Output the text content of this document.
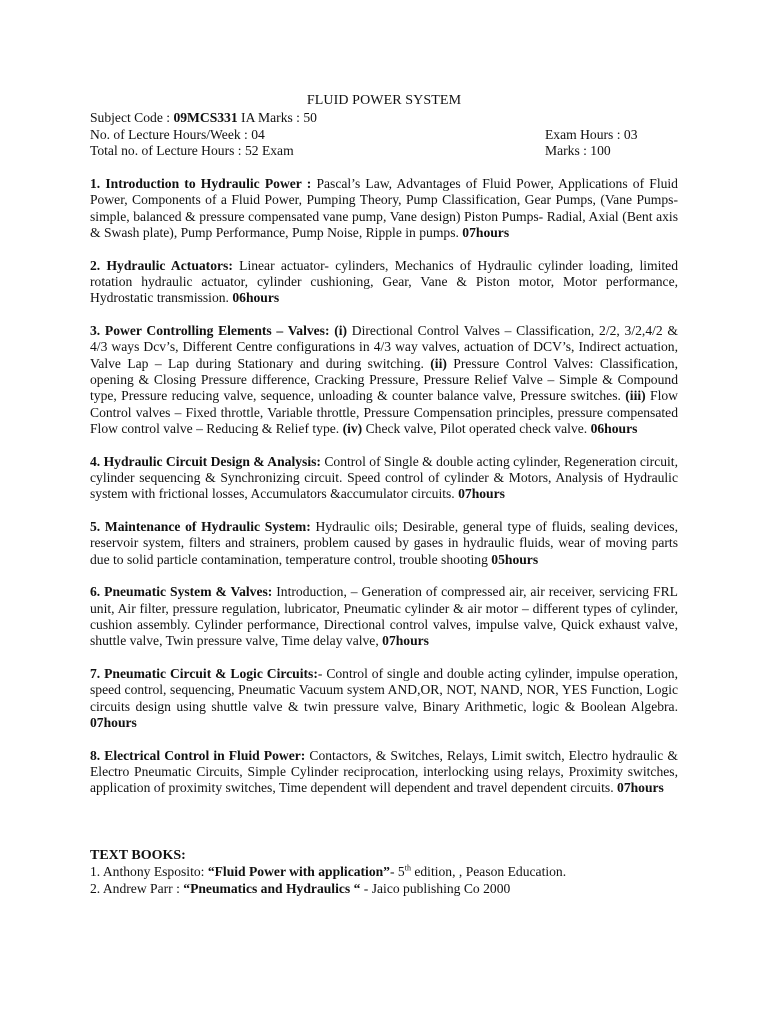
FLUID POWER SYSTEM
Subject Code : 09MCS331 IA Marks : 50
No. of Lecture Hours/Week : 04	Exam Hours : 03
Total no. of Lecture Hours : 52 Exam	Marks : 100
1. Introduction to Hydraulic Power : Pascal’s Law, Advantages of Fluid Power, Applications of Fluid Power, Components of a Fluid Power, Pumping Theory, Pump Classification, Gear Pumps, (Vane Pumps-simple, balanced & pressure compensated vane pump, Vane design) Piston Pumps- Radial, Axial (Bent axis & Swash plate), Pump Performance, Pump Noise, Ripple in pumps. 07hours
2. Hydraulic Actuators: Linear actuator- cylinders, Mechanics of Hydraulic cylinder loading, limited rotation hydraulic actuator, cylinder cushioning, Gear, Vane & Piston motor, Motor performance, Hydrostatic transmission. 06hours
3. Power Controlling Elements – Valves: (i) Directional Control Valves – Classification, 2/2, 3/2,4/2 & 4/3 ways Dcv’s, Different Centre configurations in 4/3 way valves, actuation of DCV’s, Indirect actuation, Valve Lap – Lap during Stationary and during switching. (ii) Pressure Control Valves: Classification, opening & Closing Pressure difference, Cracking Pressure, Pressure Relief Valve – Simple & Compound type, Pressure reducing valve, sequence, unloading & counter balance valve, Pressure switches. (iii) Flow Control valves – Fixed throttle, Variable throttle, Pressure Compensation principles, pressure compensated Flow control valve – Reducing & Relief type. (iv) Check valve, Pilot operated check valve. 06hours
4. Hydraulic Circuit Design & Analysis: Control of Single & double acting cylinder, Regeneration circuit, cylinder sequencing & Synchronizing circuit. Speed control of cylinder & Motors, Analysis of Hydraulic system with frictional losses, Accumulators &accumulator circuits. 07hours
5. Maintenance of Hydraulic System: Hydraulic oils; Desirable, general type of fluids, sealing devices, reservoir system, filters and strainers, problem caused by gases in hydraulic fluids, wear of moving parts due to solid particle contamination, temperature control, trouble shooting 05hours
6. Pneumatic System & Valves: Introduction, – Generation of compressed air, air receiver, servicing FRL unit, Air filter, pressure regulation, lubricator, Pneumatic cylinder & air motor – different types of cylinder, cushion assembly. Cylinder performance, Directional control valves, impulse valve, Quick exhaust valve, shuttle valve, Twin pressure valve, Time delay valve, 07hours
7. Pneumatic Circuit & Logic Circuits:- Control of single and double acting cylinder, impulse operation, speed control, sequencing, Pneumatic Vacuum system AND,OR, NOT, NAND, NOR, YES Function, Logic circuits design using shuttle valve & twin pressure valve, Binary Arithmetic, logic & Boolean Algebra. 07hours
8. Electrical Control in Fluid Power: Contactors, & Switches, Relays, Limit switch, Electro hydraulic & Electro Pneumatic Circuits, Simple Cylinder reciprocation, interlocking using relays, Proximity switches, application of proximity switches, Time dependent will dependent and travel dependent circuits. 07hours
TEXT BOOKS:
1. Anthony Esposito: “Fluid Power with application”- 5th edition, , Peason Education.
2. Andrew Parr : “Pneumatics and Hydraulics “ - Jaico publishing Co 2000
